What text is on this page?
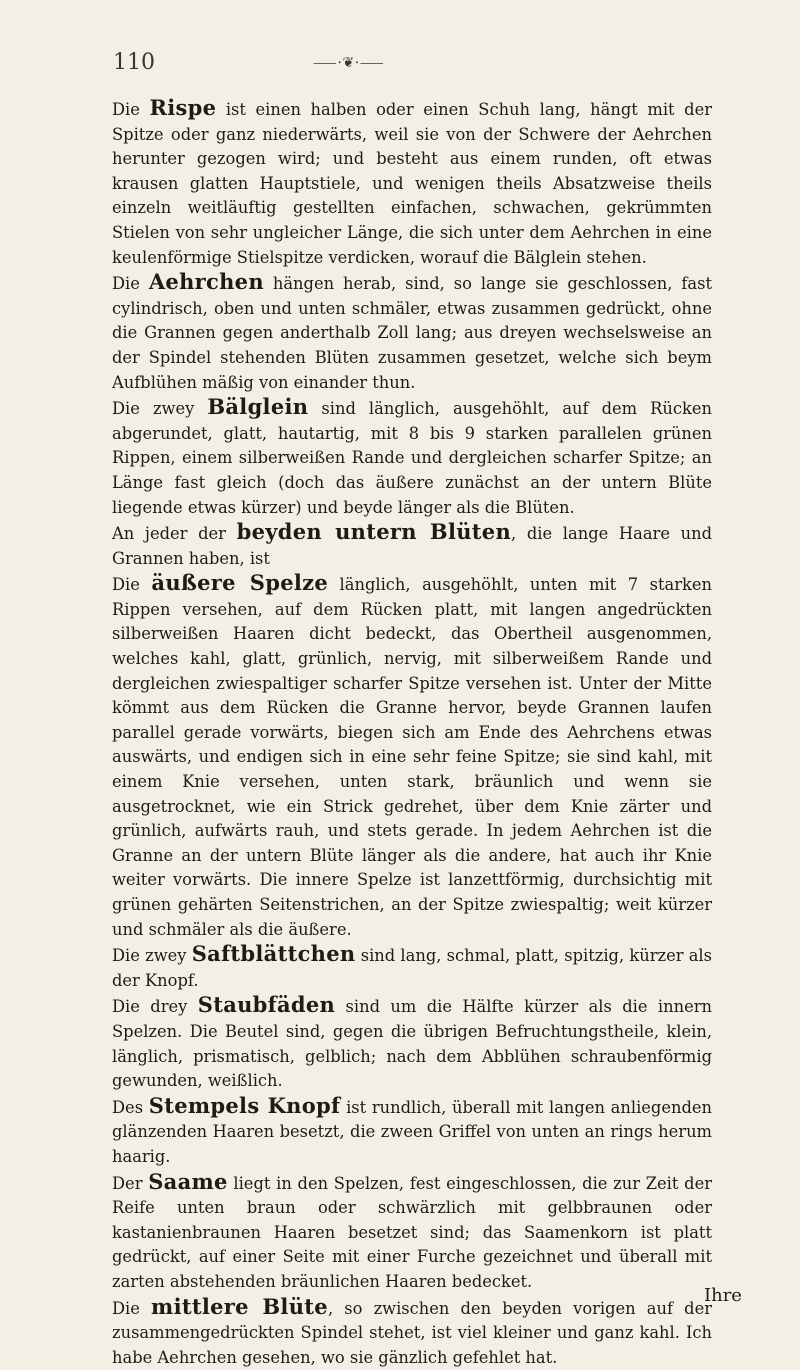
110	⸺⸱❦⸱⸺

Die Rispe ist einen halben oder einen Schuh lang, hängt mit der Spitze oder ganz niederwärts, weil sie von der Schwere der Aehrchen herunter gezogen wird; und besteht aus einem runden, oft etwas krausen glatten Hauptstiele, und wenigen theils Absatzweise theils einzeln weitläuftig gestellten einfachen, schwachen, gekrümmten Stielen von sehr ungleicher Länge, die sich unter dem Aehrchen in eine keulenförmige Stielspitze verdicken, worauf die Bälglein stehen.

Die Aehrchen hängen herab, sind, so lange sie geschlossen, fast cylindrisch, oben und unten schmäler, etwas zusammen gedrückt, ohne die Grannen gegen anderthalb Zoll lang; aus dreyen wechselsweise an der Spindel stehenden Blüten zusammen gesetzet, welche sich beym Aufblühen mäßig von einander thun.

Die zwey Bälglein sind länglich, ausgehöhlt, auf dem Rücken abgerundet, glatt, hautartig, mit 8 bis 9 starken parallelen grünen Rippen, einem silberweißen Rande und dergleichen scharfer Spitze; an Länge fast gleich (doch das äußere zunächst an der untern Blüte liegende etwas kürzer) und beyde länger als die Blüten.

An jeder der beyden untern Blüten, die lange Haare und Grannen haben, ist

Die äußere Spelze länglich, ausgehöhlt, unten mit 7 starken Rippen versehen, auf dem Rücken platt, mit langen angedrückten silberweißen Haaren dicht bedeckt, das Obertheil ausgenommen, welches kahl, glatt, grünlich, nervig, mit silberweißem Rande und dergleichen zwiespaltiger scharfer Spitze versehen ist. Unter der Mitte kömmt aus dem Rücken die Granne hervor, beyde Grannen laufen parallel gerade vorwärts, biegen sich am Ende des Aehrchens etwas auswärts, und endigen sich in eine sehr feine Spitze; sie sind kahl, mit einem Knie versehen, unten stark, bräunlich und wenn sie ausgetrocknet, wie ein Strick gedrehet, über dem Knie zärter und grünlich, aufwärts rauh, und stets gerade. In jedem Aehrchen ist die Granne an der untern Blüte länger als die andere, hat auch ihr Knie weiter vorwärts. Die innere Spelze ist lanzettförmig, durchsichtig mit grünen gehärten Seitenstrichen, an der Spitze zwiespaltig; weit kürzer und schmäler als die äußere.

Die zwey Saftblättchen sind lang, schmal, platt, spitzig, kürzer als der Knopf.

Die drey Staubfäden sind um die Hälfte kürzer als die innern Spelzen. Die Beutel sind, gegen die übrigen Befruchtungstheile, klein, länglich, prismatisch, gelblich; nach dem Abblühen schraubenförmig gewunden, weißlich.

Des Stempels Knopf ist rundlich, überall mit langen anliegenden glänzenden Haaren besetzt, die zween Griffel von unten an rings herum haarig.

Der Saame liegt in den Spelzen, fest eingeschlossen, die zur Zeit der Reife unten braun oder schwärzlich mit gelbbraunen oder kastanienbraunen Haaren besetzet sind; das Saamenkorn ist platt gedrückt, auf einer Seite mit einer Furche gezeichnet und überall mit zarten abstehenden bräunlichen Haaren bedecket.

Die mittlere Blüte, so zwischen den beyden vorigen auf der zusammengedrückten Spindel stehet, ist viel kleiner und ganz kahl. Ich habe Aehrchen gesehen, wo sie gänzlich gefehlet hat.

Ihre
